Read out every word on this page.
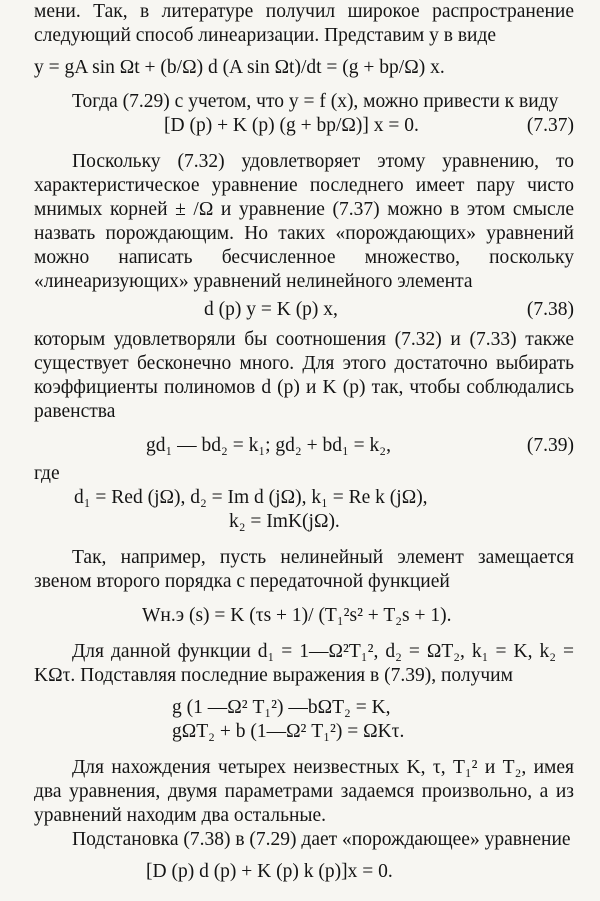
мени. Так, в литературе получил широкое распространение следующий способ линеаризации. Представим y в виде

y = gA sin Ωt + (b/Ω) d (A sin Ωt)/dt = (g + bp/Ω) x.

Тогда (7.29) с учетом, что y = f (x), можно привести к виду

[D (p) + K (p) (g + bp/Ω)] x = 0.	(7.37)

Поскольку (7.32) удовлетворяет этому уравнению, то характеристическое уравнение последнего имеет пару чисто мнимых корней ± /Ω и уравнение (7.37) можно в этом смысле назвать порождающим. Но таких «порождающих» уравнений можно написать бесчисленное множество, поскольку «линеаризующих» уравнений нелинейного элемента

d (p) y = K (p) x,	(7.38)

которым удовлетворяли бы соотношения (7.32) и (7.33) также существует бесконечно много. Для этого достаточно выбирать коэффициенты полиномов d (p) и K (p) так, чтобы соблюдались равенства

gd₁ — bd₂ = k₁; gd₂ + bd₁ = k₂,	(7.39)

где

d₁ = Red (jΩ), d₂ = Im d (jΩ), k₁ = Re k (jΩ),
k₂ = ImK(jΩ).

Так, например, пусть нелинейный элемент замещается звеном второго порядка с передаточной функцией

Wн.э (s) = K (τs + 1)/ (T₁²s² + T₂s + 1).

Для данной функции d₁ = 1—Ω²T₁², d₂ = ΩT₂, k₁ = K, k₂ = KΩτ. Подставляя последние выражения в (7.39), получим

g (1 —Ω² T₁²) —bΩT₂ = K,
gΩT₂ + b (1—Ω² T₁²) = ΩKτ.

Для нахождения четырех неизвестных K, τ, T₁² и T₂, имея два уравнения, двумя параметрами задаемся произвольно, а из уравнений находим два остальные.

Подстановка (7.38) в (7.29) дает «порождающее» уравнение

[D (p) d (p) + K (p) k (p)]x = 0.
